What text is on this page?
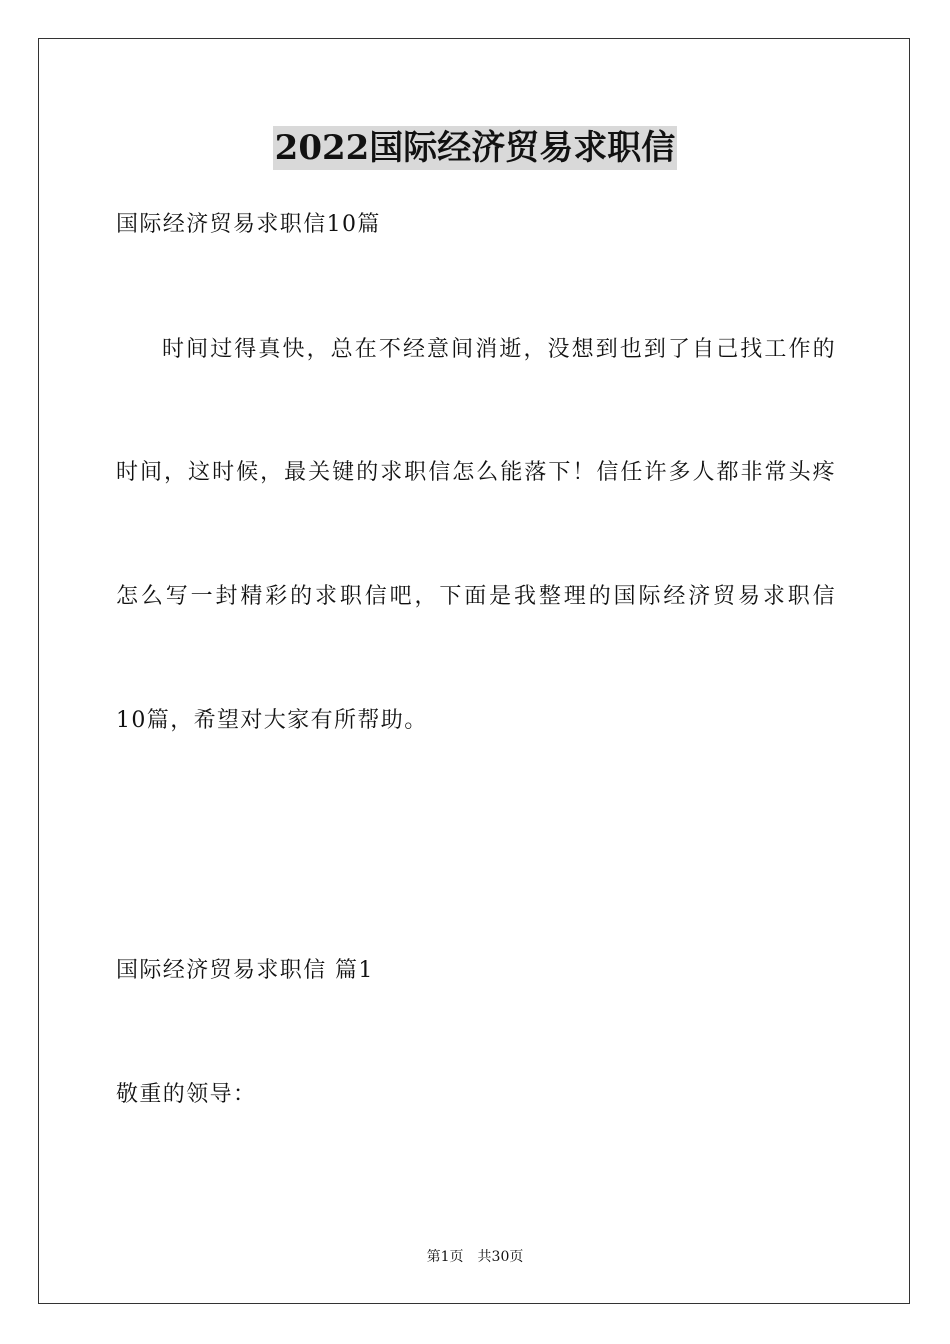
2022国际经济贸易求职信
国际经济贸易求职信10篇
时间过得真快，总在不经意间消逝，没想到也到了自己找工作的
时间，这时候，最关键的求职信怎么能落下！信任许多人都非常头疼
怎么写一封精彩的求职信吧，下面是我整理的国际经济贸易求职信
10篇，希望对大家有所帮助。
国际经济贸易求职信 篇1
敬重的领导：
第1页 共30页
